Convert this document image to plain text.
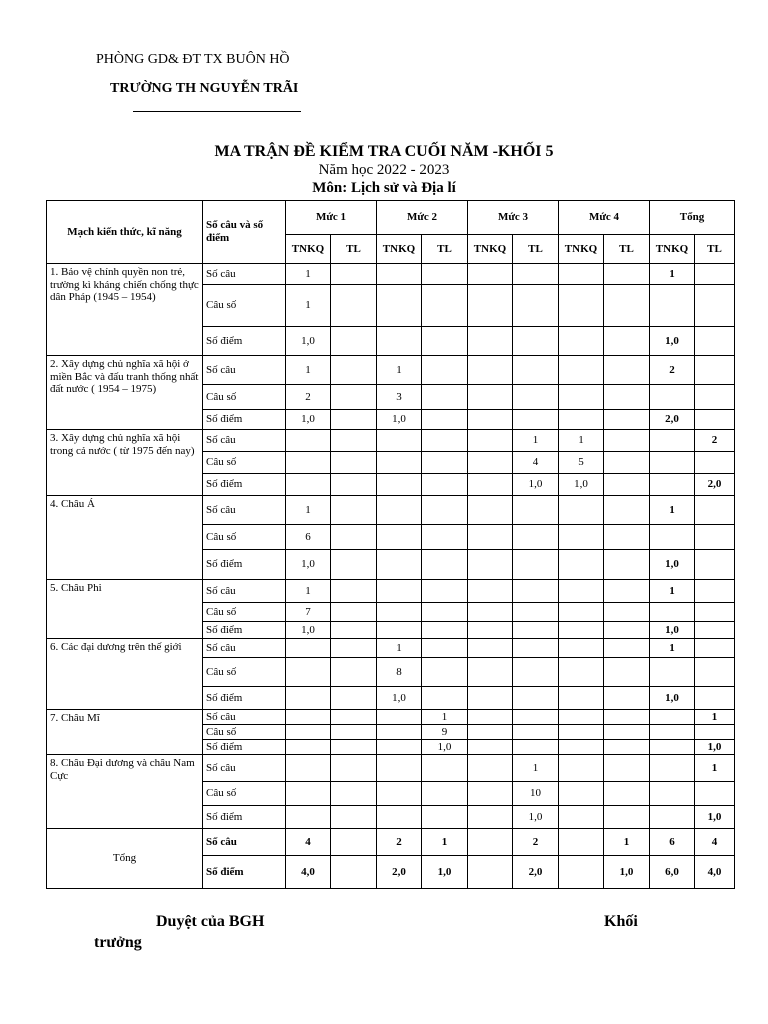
PHÒNG GD& ĐT TX BUÔN HỒ
TRƯỜNG TH NGUYỄN TRÃI
MA TRẬN ĐỀ KIỂM TRA CUỐI NĂM -KHỐI 5
Năm học 2022 - 2023
Môn: Lịch sử và Địa lí
Mạch kiến thức, kĩ năng	Số câu và số điểm	Mức 1		Mức 2		Mức 3		Mức 4		Tổng	
		TNKQ	TL	TNKQ	TL	TNKQ	TL	TNKQ	TL	TNKQ	TL
1. Bảo vệ chính quyền non trẻ, trường kì kháng chiến chống thực dân Pháp (1945 – 1954)	Số câu	1								1	
	Câu số	1									
	Số điểm	1,0								1,0	
2. Xây dựng chủ nghĩa xã hội ở miền Bắc và đấu tranh thống nhất đất nước ( 1954 – 1975)	Số câu	1		1						2	
	Câu số	2		3							
	Số điểm	1,0		1,0						2,0	
3. Xây dựng chủ nghĩa xã hội trong cả nước ( từ 1975 đến nay)	Số câu						1	1			2
	Câu số						4	5			
	Số điểm						1,0	1,0			2,0
4. Châu Á	Số câu	1								1	
	Câu số	6									
	Số điểm	1,0								1,0	
5. Châu Phi	Số câu	1								1	
	Câu số	7									
	Số điểm	1,0								1,0	
6. Các đại dương trên thế giới	Số câu			1						1	
	Câu số			8							
	Số điểm			1,0						1,0	
7. Châu Mĩ	Số câu				1						1
	Câu số				9						
	Số điểm				1,0						1,0
8. Châu Đại dương và châu Nam Cực	Số câu						1				1
	Câu số						10				
	Số điểm						1,0				1,0
Tổng	Số câu	4		2	1		2		1	6	4
	Số điểm	4,0		2,0	1,0		2,0		1,0	6,0	4,0
Duyệt của BGH	Khối
trưởng
